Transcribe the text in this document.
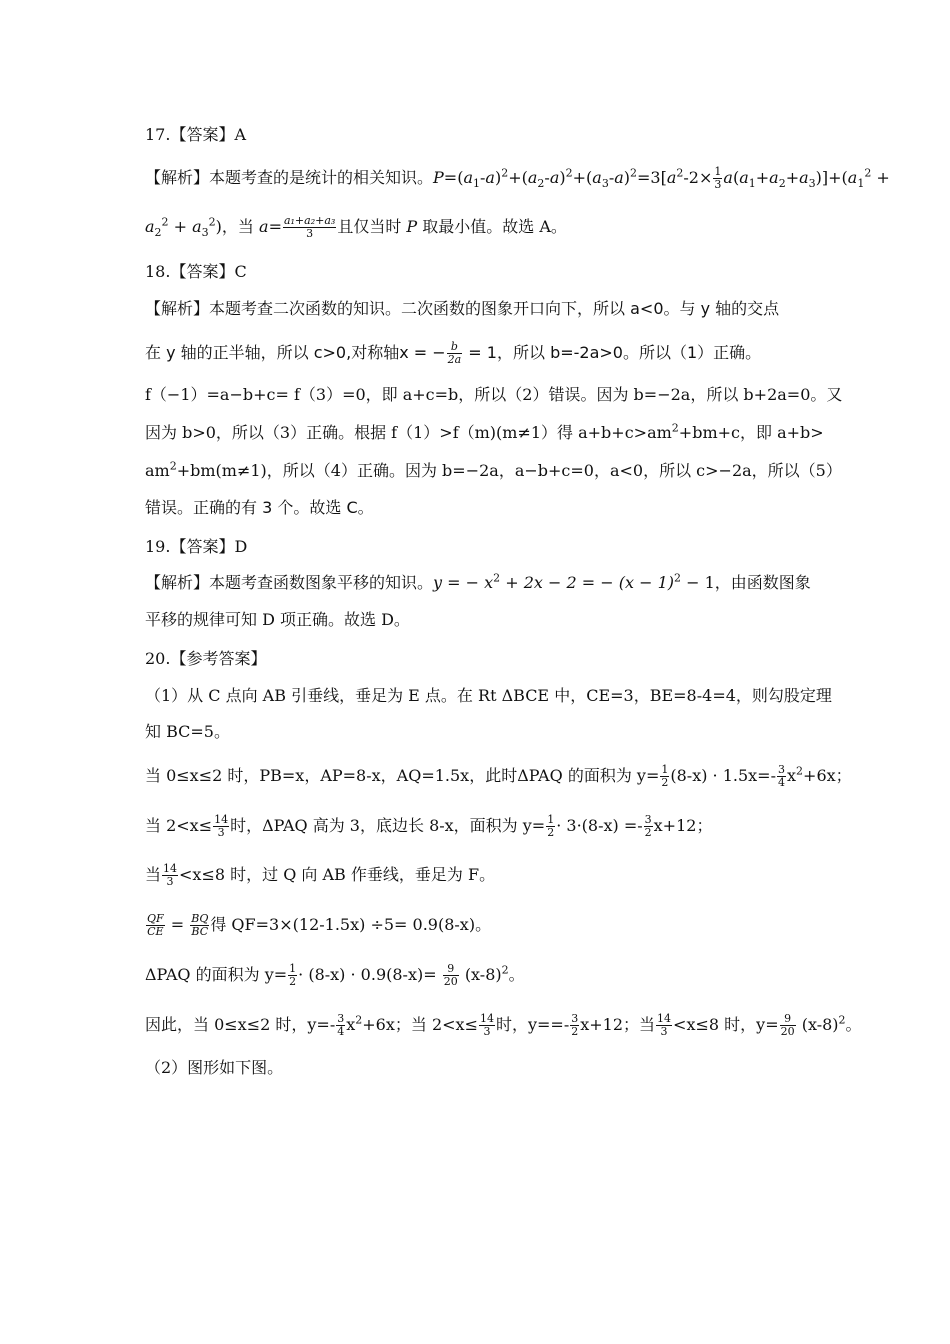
17.【答案】A
【解析】本题考查的是统计的相关知识。$P=(a_1-a)^2+(a_2-a)^2+(a_3-a)^2=3[a^2-2\times \frac{1}{3} a(a_1+a_2+a_3)]+(a_1^2$ +
$a_2^2 + a_3^2$)，当 $a= \frac{\text{a₁+a₂+a₃}}{3}$ 且仅当时 P 取最小值。故选 A。
18.【答案】C
【解析】本题考查二次函数的知识。二次函数的图象开口向下，所以 a<0。与 y 轴的交点
在 y 轴的正半轴，所以 c>0,对称轴x = − $\frac{b}{2a} = 1$，所以 b=-2a>0。所以（1）正确。
f（−1）=a−b+c= f（3）=0，即 a+c=b，所以（2）错误。因为 b=−2a，所以 b+2a=0。又
因为 b>0，所以（3）正确。根据 f（1）>f（m)(m≠1）得 $a+b+c>am^2+bm+c$，即 a+b>
$am^2+bm(m\ne 1)$，所以（4）正确。因为 b=−2a，a−b+c=0，a<0，所以 c>−2a，所以（5）
错误。正确的有 3 个。故选 C。
19.【答案】D
【解析】本题考查函数图象平移的知识。y = − $x^2 + 2x - 2$ = − $(x - 1)^2 - 1$，由函数图象
平移的规律可知 D 项正确。故选 D。
20.【参考答案】
（1）从 C 点向 AB 引垂线，垂足为 E 点。在 Rt ΔBCE 中，CE=3，BE=8-4=4，则勾股定理
知 BC=5。
当 0≤x≤2 时，PB=x，AP=8-x，AQ=1.5x，此时ΔPAQ 的面积为 $y= \frac{1}{2} (8-x) \cdot 1.5x=- \frac{3}{4} x^2+6x$；
当 $2<x\le \frac{14}{3}$ 时，ΔPAQ 高为 3，底边长 8-x，面积为 $y= \frac{1}{2} \cdot 3\cdot(8-x) =- \frac{3}{2} x+12$；
当 $\frac{14}{3} <x\le 8$ 时，过 Q 向 AB 作垂线，垂足为 F。
$\frac{QF}{CE} = \frac{BQ}{BC}$ 得 QF=3×(12-1.5x) ÷5= 0.9(8-x)。
ΔPAQ 的面积为 $y= \frac{1}{2} \cdot (8-x) \cdot 0.9(8-x)= \frac{9}{20} (x-8)^2$。
因此，当 0≤x≤2 时，$y=- \frac{3}{4} x^2+6x$；当 $2<x\le \frac{14}{3}$ 时，$y==- \frac{3}{2} x+12$；当 $\frac{14}{3} <x\le 8$ 时，$y= \frac{9}{20} (x-8)^2$。
（2）图形如下图。
